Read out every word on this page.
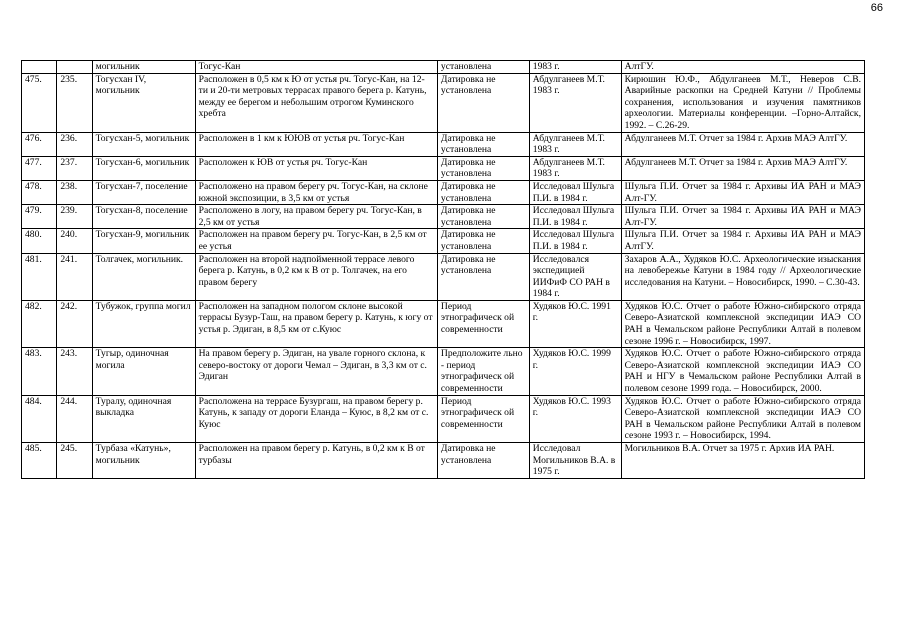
66
		могильник	Тогус-Кан	установлена	1983 г.	АлтГУ.
475.	235.	Тогусхан IV, могильник	Расположен в 0,5 км к Ю от устья рч. Тогус-Кан, на 12-ти и 20-ти метровых террасах правого берега р. Катунь, между ее берегом и небольшим отрогом Куминского хребта	Датировка не установлена	Абдулганеев М.Т. 1983 г.	Кирюшин Ю.Ф., Абдулганеев М.Т., Неверов С.В. Аварийные раскопки на Средней Катуни // Проблемы сохранения, использования и изучения памятников археологии. Материалы конференции. –Горно-Алтайск, 1992. – С.26-29.
476.	236.	Тогусхан-5, могильник	Расположен в 1 км к ЮЮВ от устья рч. Тогус-Кан	Датировка не установлена	Абдулганеев М.Т. 1983 г.	Абдулганеев М.Т. Отчет за 1984 г. Архив МАЭ АлтГУ.
477.	237.	Тогусхан-6, могильник	Расположен к ЮВ от устья рч. Тогус-Кан	Датировка не установлена	Абдулганеев М.Т. 1983 г.	Абдулганеев М.Т. Отчет за 1984 г. Архив МАЭ АлтГУ.
478.	238.	Тогусхан-7, поселение	Расположено на правом берегу рч. Тогус-Кан, на склоне южной экспозиции, в 3,5 км от устья	Датировка не установлена	Исследовал Шульга П.И. в 1984 г.	Шульга П.И. Отчет за 1984 г. Архивы ИА РАН и МАЭ Алт-ГУ.
479.	239.	Тогусхан-8, поселение	Расположено в логу, на правом берегу рч. Тогус-Кан, в 2,5 км от устья	Датировка не установлена	Исследовал Шульга П.И. в 1984 г.	Шульга П.И. Отчет за 1984 г. Архивы ИА РАН и МАЭ Алт-ГУ.
480.	240.	Тогусхан-9, могильник	Расположен на правом берегу рч. Тогус-Кан, в 2,5 км от ее устья	Датировка не установлена	Исследовал Шульга П.И. в 1984 г.	Шульга П.И. Отчет за 1984 г. Архивы ИА РАН и МАЭ АлтГУ.
481.	241.	Толгачек, могильник.	Расположен на второй надпойменной террасе левого берега р. Катунь, в 0,2 км к В от р. Толгачек, на его правом берегу	Датировка не установлена	Исследовался экспедицией ИИФиФ СО РАН в 1984 г.	Захаров А.А., Худяков Ю.С. Археологические изыскания на левобережье Катуни в 1984 году // Археологические исследования на Катуни. – Новосибирск, 1990. – С.30-43.
482.	242.	Тубужок, группа могил	Расположен на западном пологом склоне высокой террасы Бузур-Таш, на правом берегу р. Катунь, к югу от устья р. Эдиган, в 8,5 км от с.Куюс	Период этнографическ ой современности	Худяков Ю.С. 1991 г.	Худяков Ю.С. Отчет о работе Южно-сибирского отряда Северо-Азиатской комплексной экспедиции ИАЭ СО РАН в Чемальском районе Республики Алтай в полевом сезоне 1996 г. – Новосибирск, 1997.
483.	243.	Тугыр, одиночная могила	На правом берегу р. Эдиган, на увале горного склона, к северо-востоку от дороги Чемал – Эдиган, в 3,3 км от с. Эдиган	Предположите льно - период этнографическ ой современности	Худяков Ю.С. 1999 г.	Худяков Ю.С. Отчет о работе Южно-сибирского отряда Северо-Азиатской комплексной экспедиции ИАЭ СО РАН и НГУ в Чемальском районе Республики Алтай в полевом сезоне 1999 года. – Новосибирск, 2000.
484.	244.	Туралу, одиночная выкладка	Расположена на террасе Бузургаш, на правом берегу р. Катунь, к западу от дороги Еланда – Куюс, в 8,2 км от с. Куюс	Период этнографическ ой современности	Худяков Ю.С. 1993 г.	Худяков Ю.С. Отчет о работе Южно-сибирского отряда Северо-Азиатской комплексной экспедиции ИАЭ СО РАН в Чемальском районе Республики Алтай в полевом сезоне 1993 г. – Новосибирск, 1994.
485.	245.	Турбаза «Катунь», могильник	Расположен на правом берегу р. Катунь, в 0,2 км к В от турбазы	Датировка не установлена	Исследовал Могильников В.А. в 1975 г.	Могильников В.А. Отчет за 1975 г. Архив ИА РАН.
